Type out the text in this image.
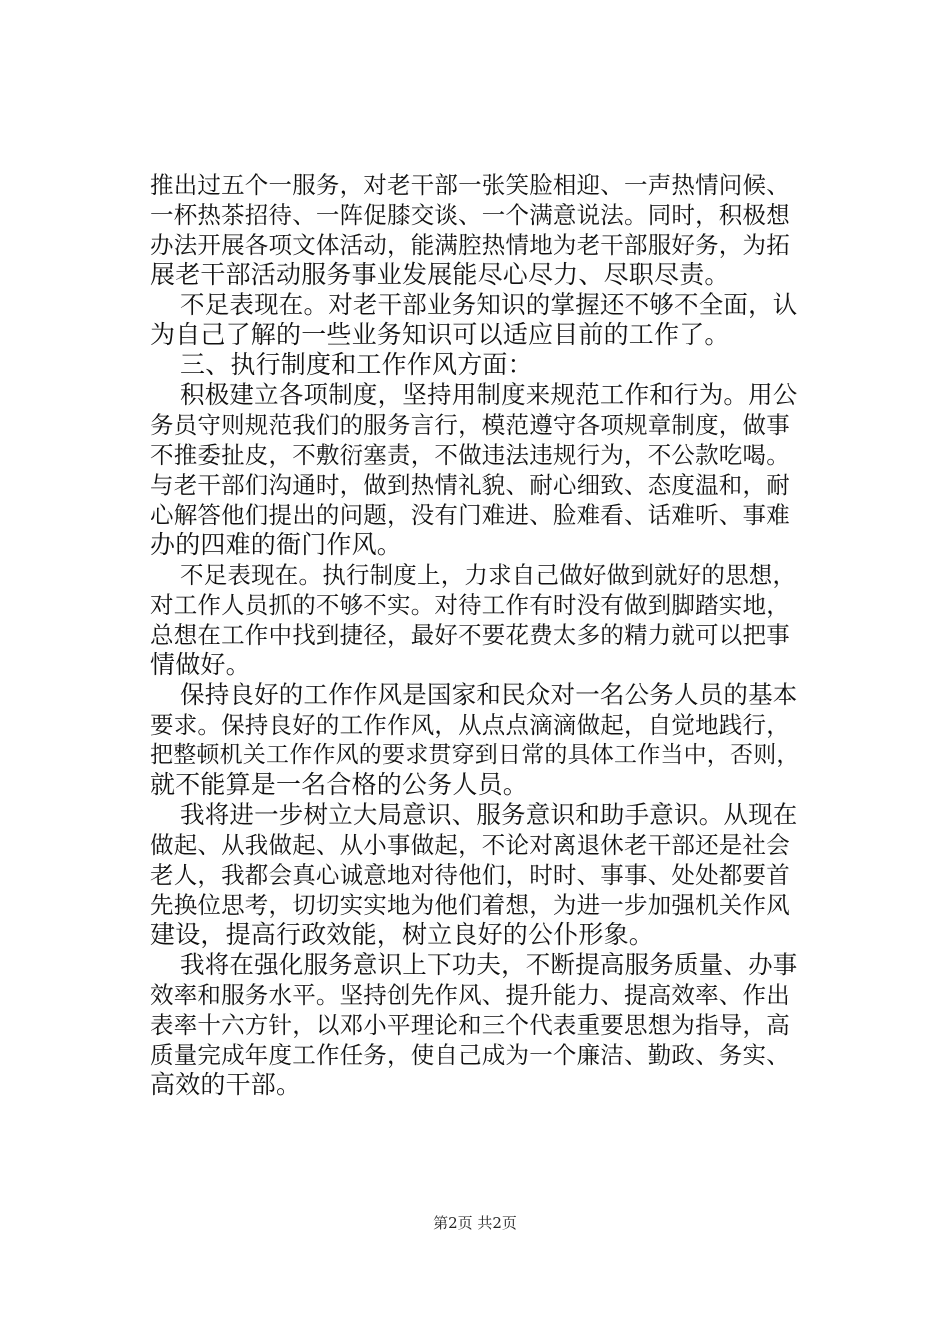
推出过五个一服务，对老干部一张笑脸相迎、一声热情问候、
一杯热茶招待、一阵促膝交谈、一个满意说法。同时，积极想
办法开展各项文体活动，能满腔热情地为老干部服好务，为拓
展老干部活动服务事业发展能尽心尽力、尽职尽责。
不足表现在。对老干部业务知识的掌握还不够不全面，认
为自己了解的一些业务知识可以适应目前的工作了。
三、执行制度和工作作风方面：
积极建立各项制度，坚持用制度来规范工作和行为。用公
务员守则规范我们的服务言行，模范遵守各项规章制度，做事
不推委扯皮，不敷衍塞责，不做违法违规行为，不公款吃喝。
与老干部们沟通时，做到热情礼貌、耐心细致、态度温和，耐
心解答他们提出的问题，没有门难进、脸难看、话难听、事难
办的四难的衙门作风。
不足表现在。执行制度上，力求自己做好做到就好的思想，
对工作人员抓的不够不实。对待工作有时没有做到脚踏实地，
总想在工作中找到捷径，最好不要花费太多的精力就可以把事
情做好。
保持良好的工作作风是国家和民众对一名公务人员的基本
要求。保持良好的工作作风，从点点滴滴做起，自觉地践行，
把整顿机关工作作风的要求贯穿到日常的具体工作当中，否则，
就不能算是一名合格的公务人员。
我将进一步树立大局意识、服务意识和助手意识。从现在
做起、从我做起、从小事做起，不论对离退休老干部还是社会
老人，我都会真心诚意地对待他们，时时、事事、处处都要首
先换位思考，切切实实地为他们着想，为进一步加强机关作风
建设，提高行政效能，树立良好的公仆形象。
我将在强化服务意识上下功夫，不断提高服务质量、办事
效率和服务水平。坚持创先作风、提升能力、提高效率、作出
表率十六方针，以邓小平理论和三个代表重要思想为指导，高
质量完成年度工作任务，使自己成为一个廉洁、勤政、务实、
高效的干部。
第2页 共2页
